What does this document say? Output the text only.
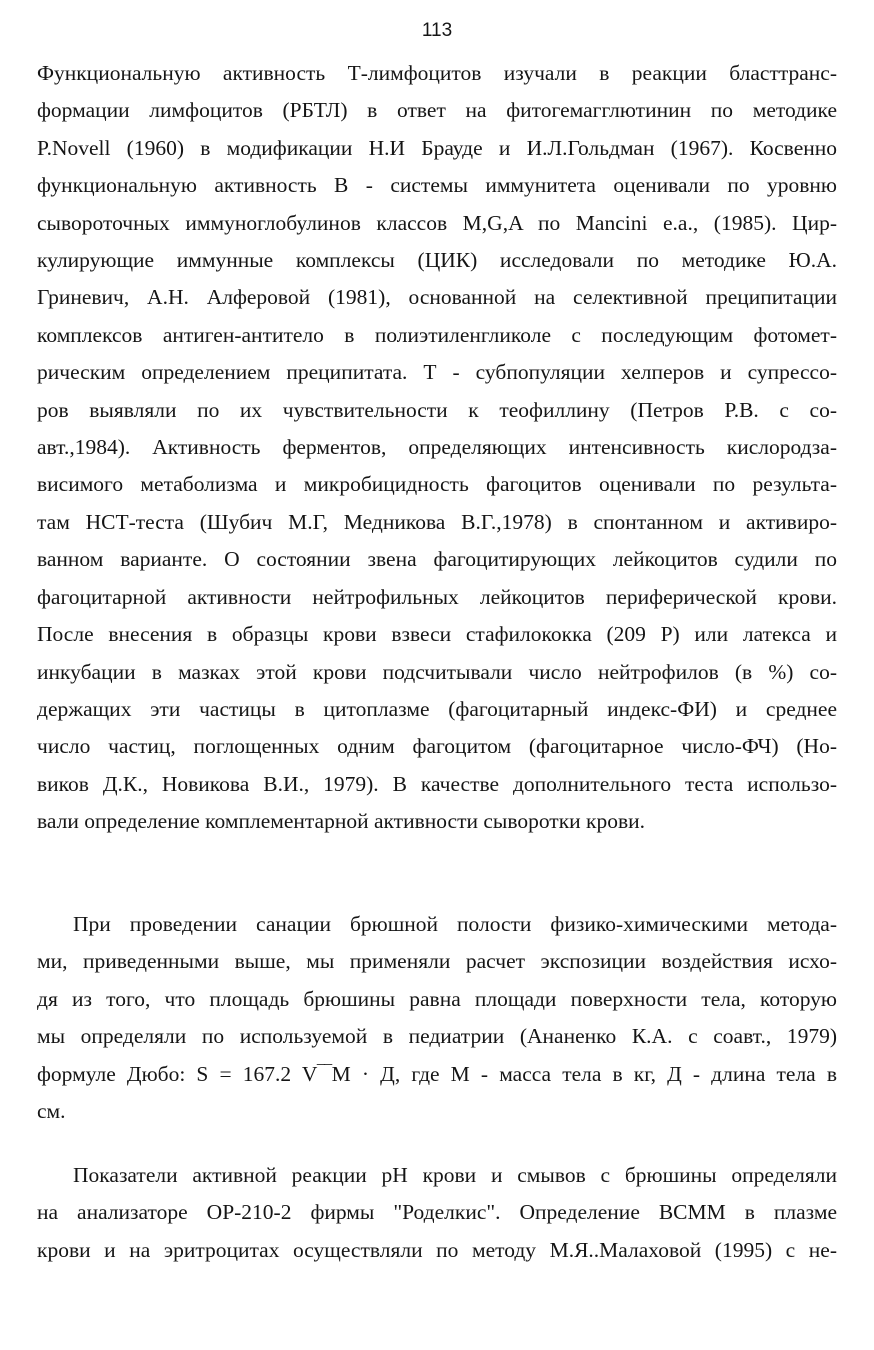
113
Функциональную активность Т-лимфоцитов изучали в реакции бласттранс-
формации лимфоцитов (РБТЛ) в ответ на фитогемагглютинин по методике
P.Novell (1960) в модификации Н.И Брауде и И.Л.Гольдман (1967). Косвенно
функциональную активность В - системы иммунитета оценивали по уровню
сывороточных иммуноглобулинов классов M,G,A по Mancini e.a., (1985). Цир-
кулирующие иммунные комплексы (ЦИК) исследовали по методике Ю.А.
Гриневич, А.Н. Алферовой (1981), основанной на селективной преципитации
комплексов антиген-антитело в полиэтиленгликоле с последующим фотомет-
рическим определением преципитата. Т - субпопуляции хелперов и супрессо-
ров выявляли по их чувствительности к теофиллину (Петров Р.В. с со-
авт.,1984). Активность ферментов, определяющих интенсивность кислородза-
висимого метаболизма и микробицидность фагоцитов оценивали по результа-
там НСТ-теста (Шубич М.Г, Медникова В.Г.,1978) в спонтанном и активиро-
ванном варианте. О состоянии звена фагоцитирующих лейкоцитов судили по
фагоцитарной активности нейтрофильных лейкоцитов периферической крови.
После внесения в образцы крови взвеси стафилококка (209 Р) или латекса и
инкубации в мазках этой крови подсчитывали число нейтрофилов (в %) со-
держащих эти частицы в цитоплазме (фагоцитарный индекс-ФИ) и среднее
число частиц, поглощенных одним фагоцитом (фагоцитарное число-ФЧ) (Но-
виков Д.К., Новикова В.И., 1979). В качестве дополнительного теста использо-
вали определение комплементарной активности сыворотки крови.
При проведении санации брюшной полости физико-химическими метода-
ми, приведенными выше, мы применяли расчет экспозиции воздействия исхо-
дя из того, что площадь брюшины равна площади поверхности тела, которую
мы определяли по используемой в педиатрии (Ананенко К.А. с соавт., 1979)
формуле Дюбо: S = 167.2 V‾‾M · Д, где М - масса тела в кг, Д - длина тела в
см.
Показатели активной реакции pH крови и смывов с брюшины определяли
на анализаторе ОР-210-2 фирмы "Роделкис". Определение ВСММ в плазме
крови и на эритроцитах осуществляли по методу М.Я..Малаховой (1995) с не-
